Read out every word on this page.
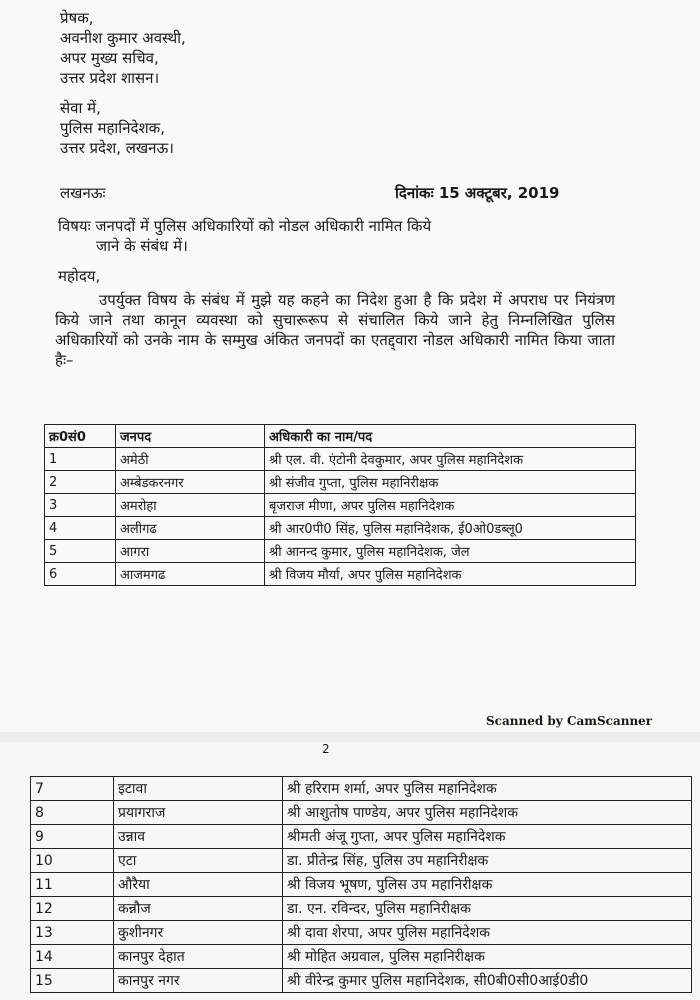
प्रेषक,
अवनीश कुमार अवस्थी,
अपर मुख्य सचिव,
उत्तर प्रदेश शासन।
सेवा में,
पुलिस महानिदेशक,
उत्तर प्रदेश, लखनऊ।
लखनऊः	दिनांकः 15 अक्टूबर, 2019
विषयः जनपदों में पुलिस अधिकारियों को नोडल अधिकारी नामित किये
जाने के संबंध में।
महोदय,
उपर्युक्त विषय के संबंध में मुझे यह कहने का निदेश हुआ है कि प्रदेश में अपराध पर नियंत्रण किये जाने तथा कानून व्यवस्था को सुचारूरूप से संचालित किये जाने हेतु निम्नलिखित पुलिस अधिकारियों को उनके नाम के सम्मुख अंकित जनपदों का एतद्द्वारा नोडल अधिकारी नामित किया जाता हैः–
क्र0सं0	जनपद	अधिकारी का नाम/पद
1	अमेठी	श्री एल. वी. एंटोनी देवकुमार, अपर पुलिस महानिदेशक
2	अम्बेडकरनगर	श्री संजीव गुप्ता, पुलिस महानिरीक्षक
3	अमरोहा	बृजराज मीणा, अपर पुलिस महानिदेशक
4	अलीगढ	श्री आर0पी0 सिंह, पुलिस महानिदेशक, ई0ओ0डब्लू0
5	आगरा	श्री आनन्द कुमार, पुलिस महानिदेशक, जेल
6	आजमगढ	श्री विजय मौर्या, अपर पुलिस महानिदेशक
Scanned by CamScanner
2
7	इटावा	श्री हरिराम शर्मा, अपर पुलिस महानिदेशक
8	प्रयागराज	श्री आशुतोष पाण्डेय, अपर पुलिस महानिदेशक
9	उन्नाव	श्रीमती अंजू गुप्ता, अपर पुलिस महानिदेशक
10	एटा	डा. प्रीतेन्द्र सिंह, पुलिस उप महानिरीक्षक
11	औरैया	श्री विजय भूषण, पुलिस उप महानिरीक्षक
12	कन्नौज	डा. एन. रविन्दर, पुलिस महानिरीक्षक
13	कुशीनगर	श्री दावा शेरपा, अपर पुलिस महानिदेशक
14	कानपुर देहात	श्री मोहित अग्रवाल, पुलिस महानिरीक्षक
15	कानपुर नगर	श्री वीरेन्द्र कुमार पुलिस महानिदेशक, सी0बी0सी0आई0डी0
